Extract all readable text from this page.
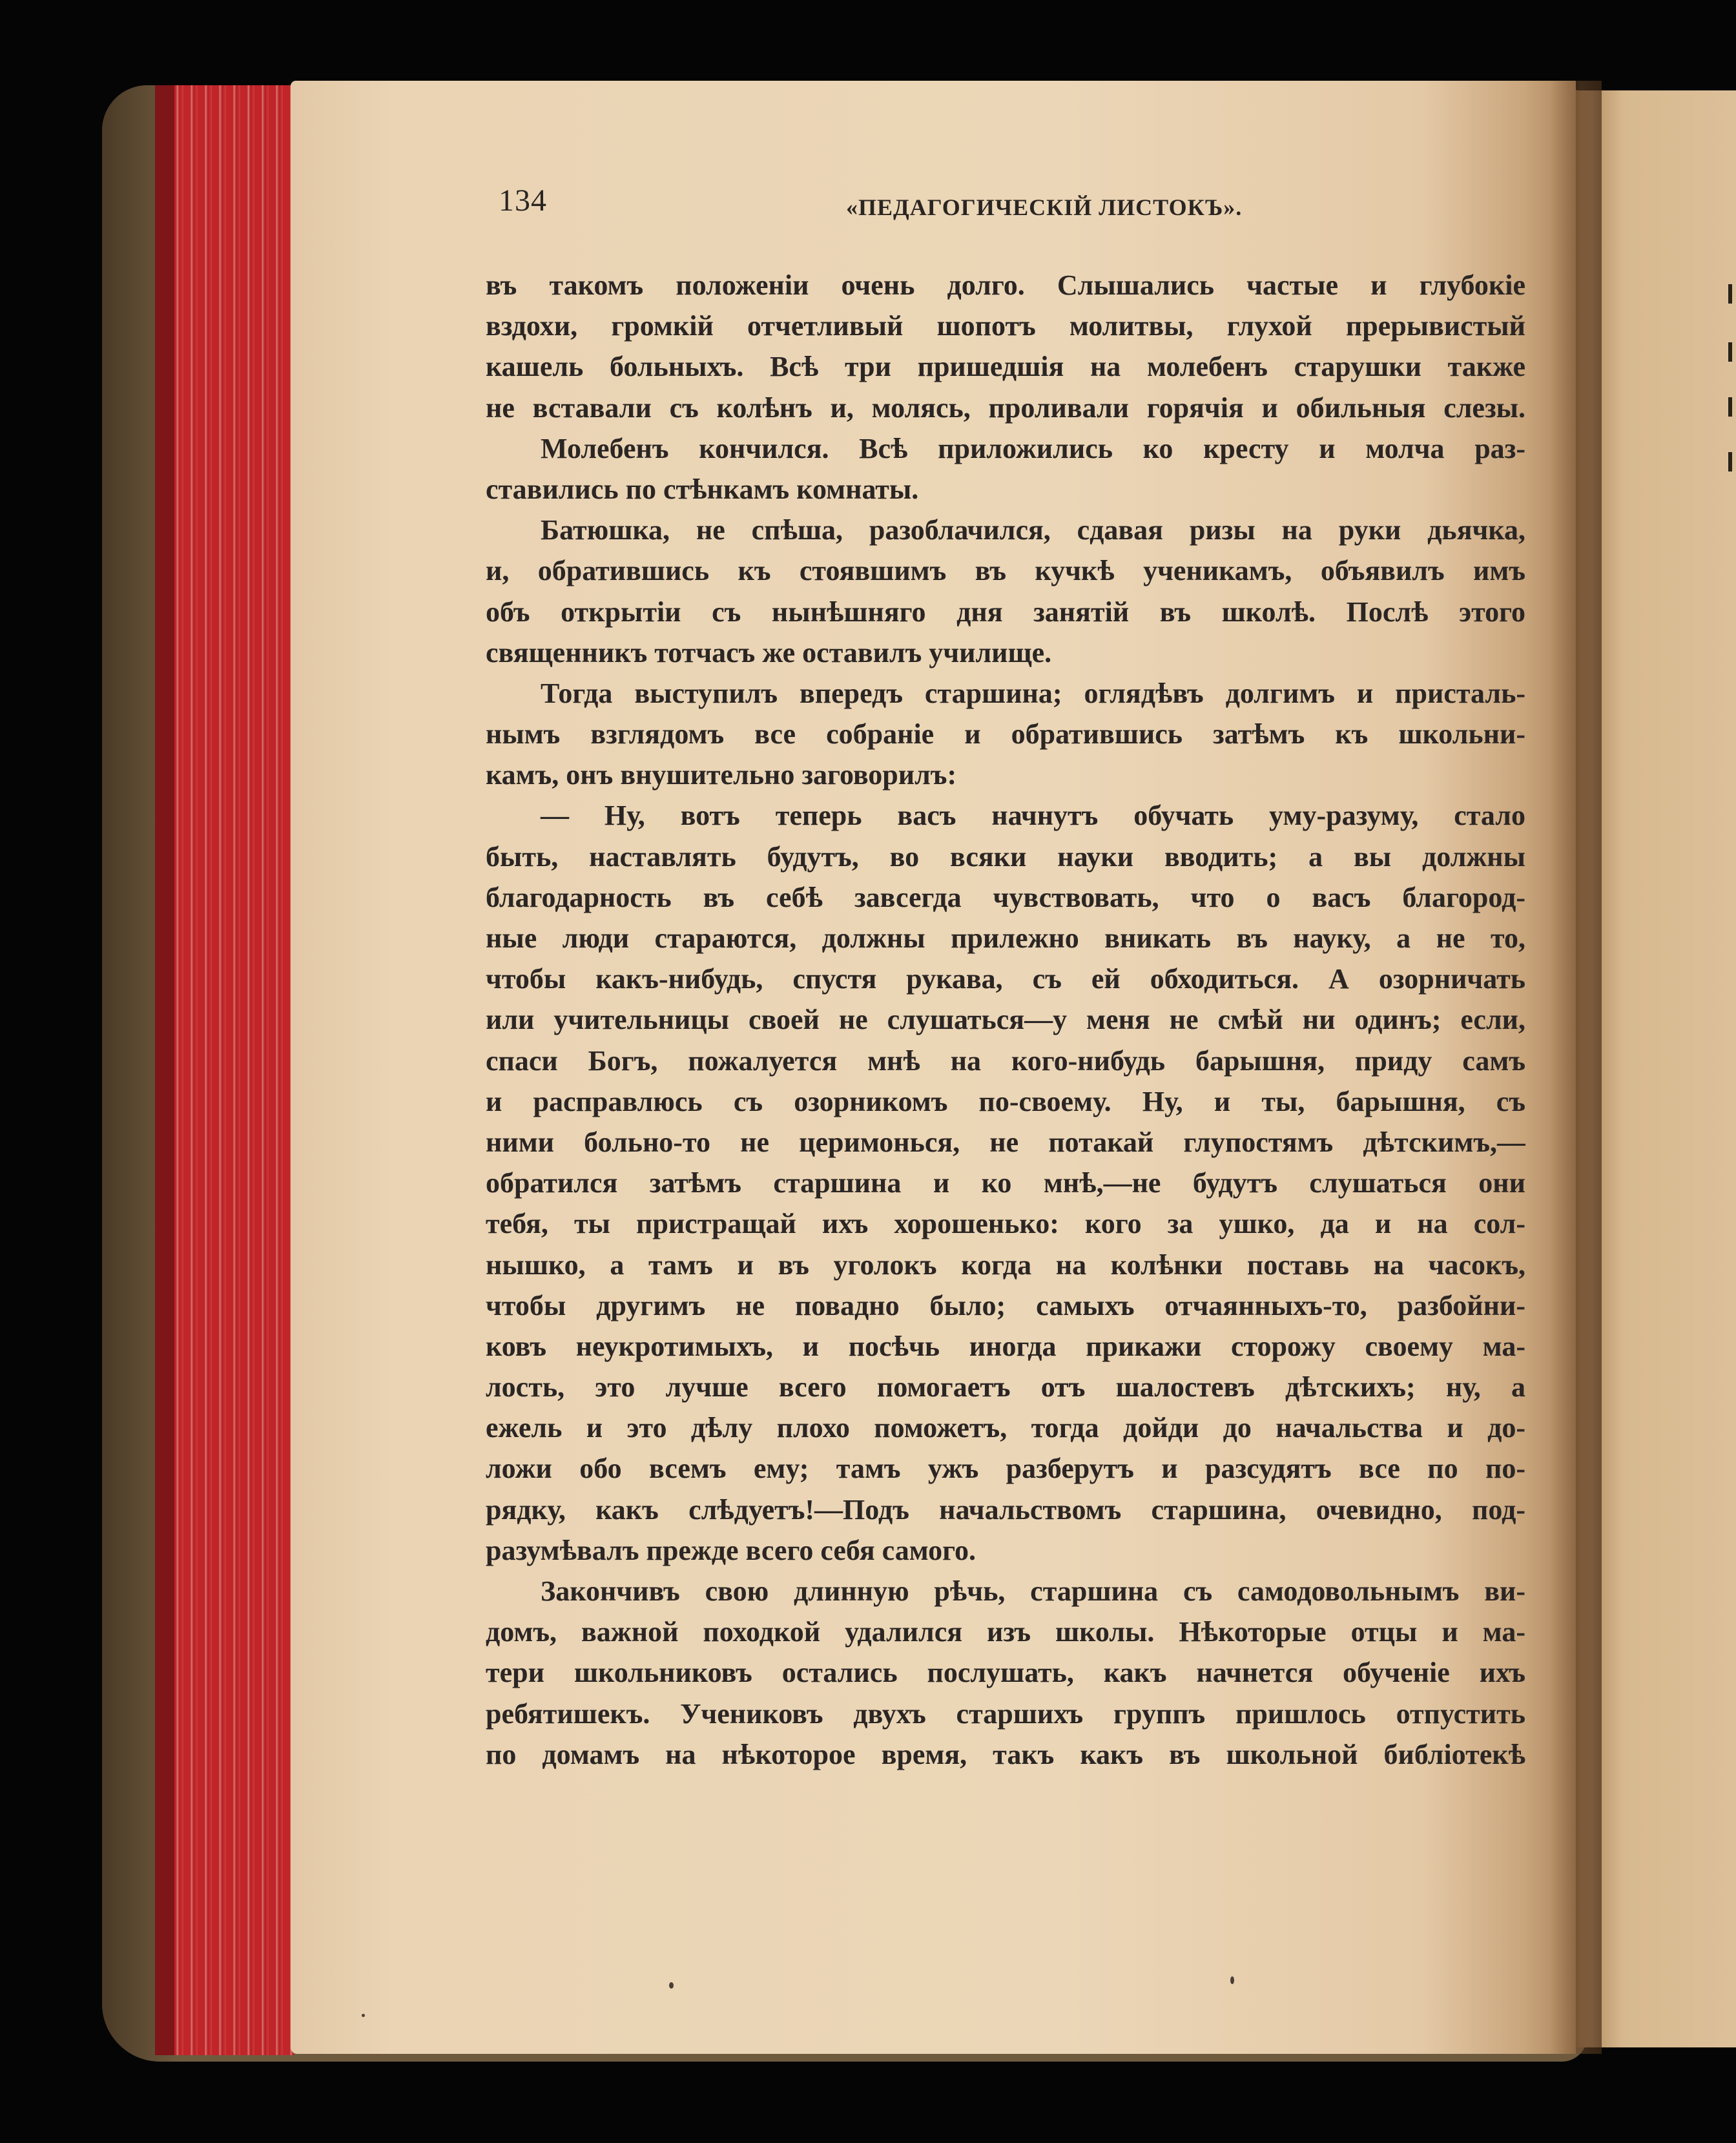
134	«ПЕДАГОГИЧЕСКІЙ ЛИСТОКЪ».
въ такомъ положеніи очень долго. Слышались частые и глубокіе
вздохи, громкій отчетливый шопотъ молитвы, глухой прерывистый
кашель больныхъ. Всѣ три пришедшія на молебенъ старушки также
не вставали съ колѣнъ и, молясь, проливали горячія и обильныя слезы.
Молебенъ кончился. Всѣ приложились ко кресту и молча раз-
ставились по стѣнкамъ комнаты.
Батюшка, не спѣша, разоблачился, сдавая ризы на руки дьячка,
и, обратившись къ стоявшимъ въ кучкѣ ученикамъ, объявилъ имъ
объ открытіи съ нынѣшняго дня занятій въ школѣ. Послѣ этого
священникъ тотчасъ же оставилъ училище.
Тогда выступилъ впередъ старшина; оглядѣвъ долгимъ и присталь-
нымъ взглядомъ все собраніе и обратившись затѣмъ къ школьни-
камъ, онъ внушительно заговорилъ:
— Ну, вотъ теперь васъ начнутъ обучать уму-разуму, стало
быть, наставлять будутъ, во всяки науки вводить; а вы должны
благодарность въ себѣ завсегда чувствовать, что о васъ благород-
ные люди стараются, должны прилежно вникать въ науку, а не то,
чтобы какъ-нибудь, спустя рукава, съ ей обходиться. А озорничать
или учительницы своей не слушаться—у меня не смѣй ни одинъ; если,
спаси Богъ, пожалуется мнѣ на кого-нибудь барышня, приду самъ
и расправлюсь съ озорникомъ по-своему. Ну, и ты, барышня, съ
ними больно-то не церимонься, не потакай глупостямъ дѣтскимъ,—
обратился затѣмъ старшина и ко мнѣ,—не будутъ слушаться они
тебя, ты пристращай ихъ хорошенько: кого за ушко, да и на сол-
нышко, а тамъ и въ уголокъ когда на колѣнки поставь на часокъ,
чтобы другимъ не повадно было; самыхъ отчаянныхъ-то, разбойни-
ковъ неукротимыхъ, и посѣчь иногда прикажи сторожу своему ма-
лость, это лучше всего помогаетъ отъ шалостевъ дѣтскихъ; ну, а
ежель и это дѣлу плохо поможетъ, тогда дойди до начальства и до-
ложи обо всемъ ему; тамъ ужъ разберутъ и разсудятъ все по по-
рядку, какъ слѣдуетъ!—Подъ начальствомъ старшина, очевидно, под-
разумѣвалъ прежде всего себя самого.
Закончивъ свою длинную рѣчь, старшина съ самодовольнымъ ви-
домъ, важной походкой удалился изъ школы. Нѣкоторые отцы и ма-
тери школьниковъ остались послушать, какъ начнется обученіе ихъ
ребятишекъ. Учениковъ двухъ старшихъ группъ пришлось отпустить
по домамъ на нѣкоторое время, такъ какъ въ школьной библіотекѣ
